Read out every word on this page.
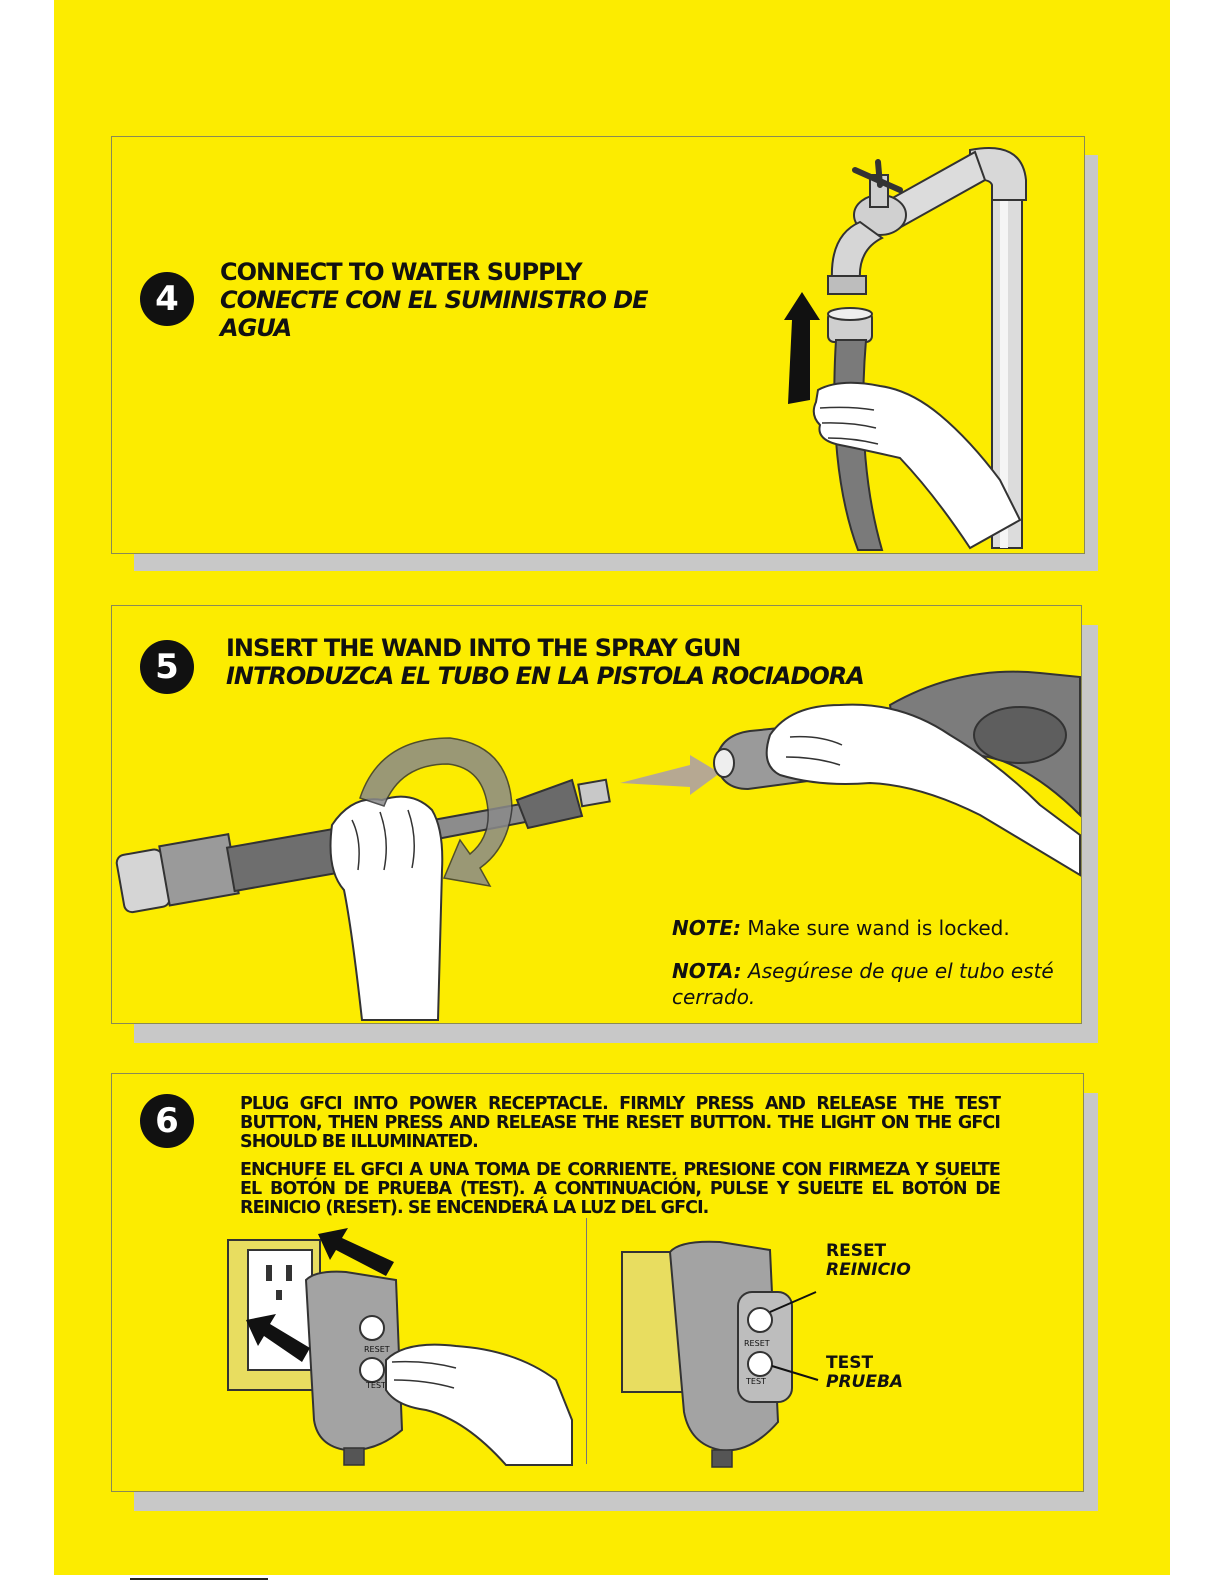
4
CONNECT TO WATER SUPPLY
CONECTE CON EL SUMINISTRO DE AGUA
5	INSERT THE WAND INTO THE SPRAY GUN
INTRODUZCA EL TUBO EN LA PISTOLA ROCIADORA
NOTE: Make sure wand is locked.
NOTA: Asegúrese de que el tubo esté cerrado.
6	PLUG GFCI INTO POWER RECEPTACLE. FIRMLY PRESS AND RELEASE THE TEST BUTTON, THEN PRESS AND RELEASE THE RESET BUTTON. THE LIGHT ON THE GFCI SHOULD BE ILLUMINATED.
ENCHUFE EL GFCI A UNA TOMA DE CORRIENTE. PRESIONE CON FIRMEZA Y SUELTE EL BOTÓN DE PRUEBA (TEST). A CONTINUACIÓN, PULSE Y SUELTE EL BOTÓN DE REINICIO (RESET). SE ENCENDERÁ LA LUZ DEL GFCI.
RESET
TEST
RESET
TEST
RESET
REINICIO
TEST
PRUEBA
